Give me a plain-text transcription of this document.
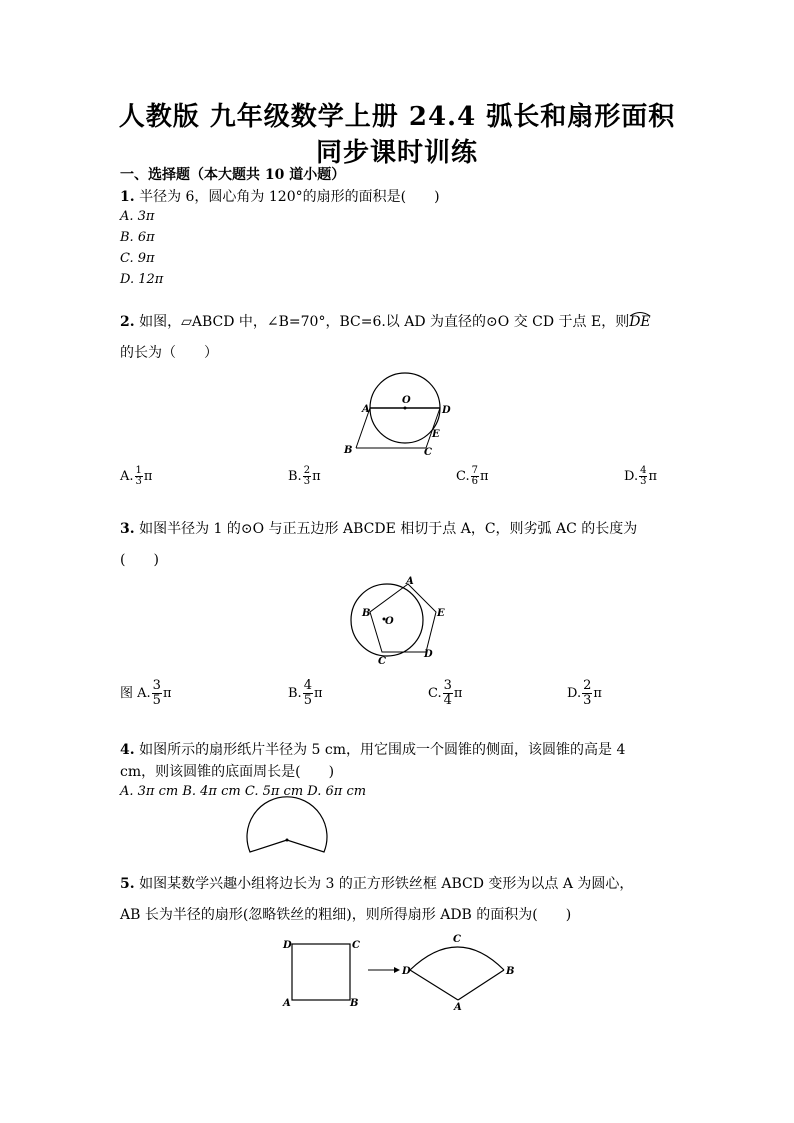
人教版 九年级数学上册 24.4 弧长和扇形面积
同步课时训练
一、选择题（本大题共 10 道小题）
1. 半径为 6，圆心角为 120°的扇形的面积是(　　)
A. 3π
B. 6π
C. 9π
D. 12π
2. 如图，▱ABCD 中，∠B=70°，BC=6.以 AD 为直径的⊙O 交 CD 于点 E，则DE
的长为（　　）
A
O
D
B	C
E
A. $\frac{1}{3}$ π	B. $\frac{2}{3}$ π	C. $\frac{7}{6}$ π	D. $\frac{4}{3}$ π
3. 如图半径为 1 的⊙O 与正五边形 ABCDE 相切于点 A，C，则劣弧 AC 的长度为
(　　)
A
B
O
E
C
D
图 A. $\frac{3}{5}$ π	B. $\frac{4}{5}$ π	C. $\frac{3}{4}$ π	D. $\frac{2}{3}$ π
4. 如图所示的扇形纸片半径为 5 cm，用它围成一个圆锥的侧面，该圆锥的高是 4
cm，则该圆锥的底面周长是(　　)
A. 3π cm B. 4π cm C. 5π cm D. 6π cm
5. 如图某数学兴趣小组将边长为 3 的正方形铁丝框 ABCD 变形为以点 A 为圆心，
AB 长为半径的扇形(忽略铁丝的粗细)，则所得扇形 ADB 的面积为(　　)
D	C
A	B
C
D	B
A
